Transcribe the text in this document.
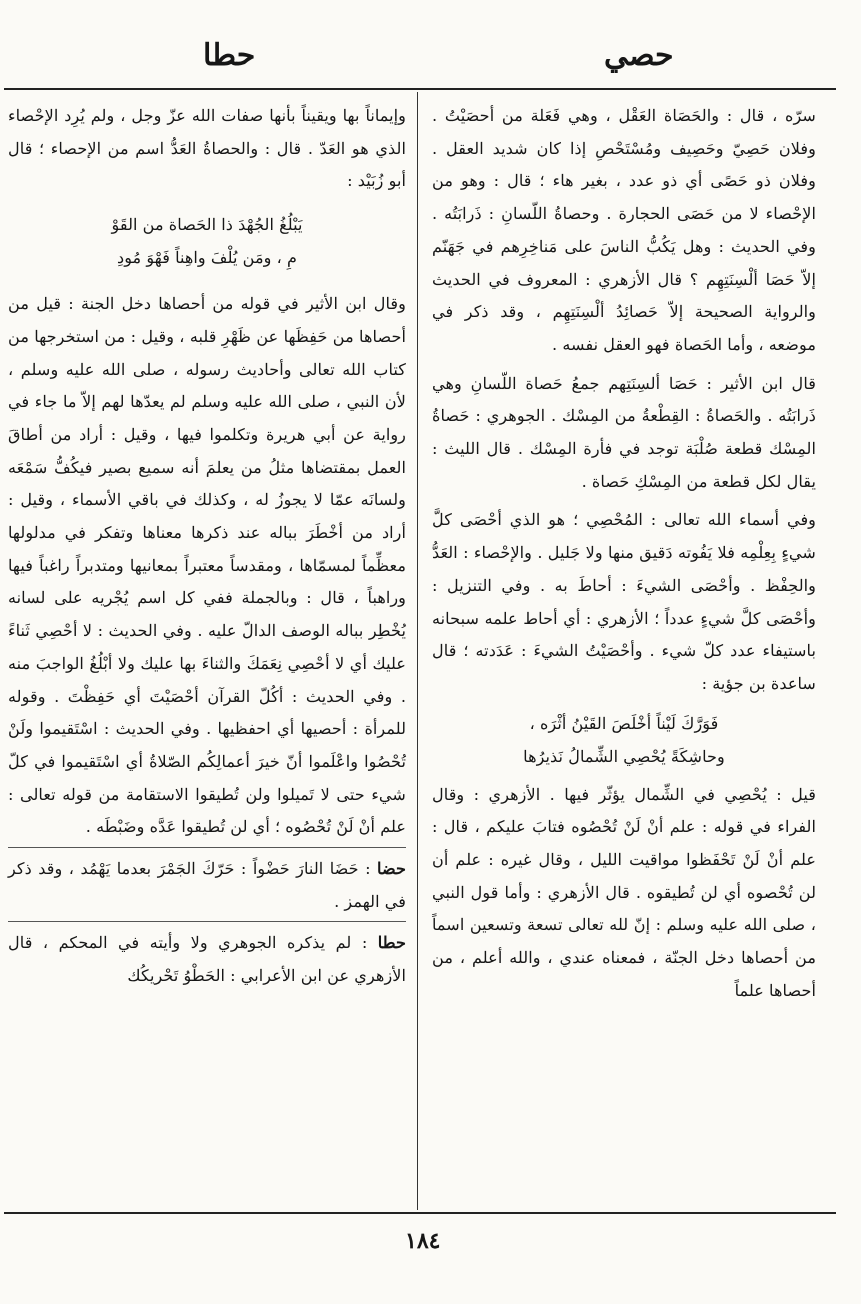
حصي
حطا

سرّه ، قال : والحَصَاة العَقْل ، وهي فَعَلة من أحصَيْتُ . وفلان حَصِيّ وحَصِيف ومُسْتَحْصِ إذا كان شديد العقل . وفلان ذو حَصًى أي ذو عدد ، بغير هاء ؛ قال : وهو من الإحْصاء لا من حَصَى الحجارة . وحصاةُ اللّسانِ : ذَرابَتُه . وفي الحديث : وهل يَكُبُّ الناسَ على مَناخِرِهم في جَهَنّم إلاّ حَصَا ألْسِنَتِهِم ؟ قال الأزهري : المعروف في الحديث والرواية الصحيحة إلاّ حَصائِدُ ألْسِنَتِهِم ، وقد ذكر في موضعه ، وأما الحَصاة فهو العقل نفسه .

قال ابن الأثير : حَصَا ألسِنَتِهم جمعُ حَصاة اللّسانِ وهي ذَرابَتُه . والحَصاةُ : القِطْعةُ من المِسْك . الجوهري : حَصاةُ المِسْك قطعة صُلْبَة توجد في فأرة المِسْك . قال الليث : يقال لكل قطعة من المِسْكِ حَصاة .

وفي أسماء الله تعالى : المُحْصِي ؛ هو الذي أحْصَى كلَّ شيءٍ بِعِلْمِه فلا يَفُوته دَقيق منها ولا جَليل . والإحْصاء : العَدُّ والحِفْظ . وأحْصَى الشيءَ : أحاطَ به . وفي التنزيل : وأحْصَى كلَّ شيءٍ عدداً ؛ الأزهري : أي أحاط علمه سبحانه باستيفاء عدد كلّ شيء . وأحْصَيْتُ الشيءَ : عَدَدته ؛ قال ساعدة بن جؤية :

فَوَرَّكَ لَيْناً أخْلَصَ القَيْنُ أثْرَه ،
وحاشِكَةً يُحْصِي الشِّمالُ نَذيرُها

قيل : يُحْصِي في الشِّمال يؤثّر فيها . الأزهري : وقال الفراء في قوله : علم أنْ لَنْ تُحْصُوه فتابَ عليكم ، قال : علم أنْ لَنْ تَحْفَظوا مواقيت الليل ، وقال غيره : علم أن لن تُحْصوه أي لن تُطيقوه . قال الأزهري : وأما قول النبي ، صلى الله عليه وسلم : إنّ لله تعالى تسعة وتسعين اسماً من أحصاها دخل الجنّة ، فمعناه عندي ، والله أعلم ، من أحصاها علماً

وإيماناً بها ويقيناً بأنها صفات الله عزّ وجل ، ولم يُرِد الإحْصاء الذي هو العَدّ . قال : والحصاةُ العَدُّ اسم من الإحصاء ؛ قال أبو زُبَيْد :

يَبْلُغُ الجُهْدَ ذا الحَصاة من القَوْ
مِ ، ومَن يُلْفَ واهِناً فَهْوَ مُودِ

وقال ابن الأثير في قوله من أحصاها دخل الجنة : قيل من أحصاها من حَفِظَها عن ظَهْرِ قلبه ، وقيل : من استخرجها من كتاب الله تعالى وأحاديث رسوله ، صلى الله عليه وسلم ، لأن النبي ، صلى الله عليه وسلم لم يعدّها لهم إلاّ ما جاء في رواية عن أبي هريرة وتكلموا فيها ، وقيل : أراد من أطاقَ العمل بمقتضاها مثلُ من يعلمَ أنه سميع بصير فيكُفُّ سَمْعَه ولسانَه عمّا لا يجوزُ له ، وكذلك في باقي الأسماء ، وقيل : أراد من أخْطَرَ بباله عند ذكرها معناها وتفكر في مدلولها معظِّماً لمسمّاها ، ومقدساً معتبراً بمعانيها ومتدبراً راغباً فيها وراهباً ، قال : وبالجملة ففي كل اسم يُجْريه على لسانه يُخْطِر بباله الوصف الدالّ عليه . وفي الحديث : لا أحْصِي ثَناءً عليك أي لا أحْصِي نِعَمَكَ والثناءَ بها عليك ولا أبْلُغُ الواجبَ منه . وفي الحديث : أكُلّ القرآن أحْصَيْتَ أي حَفِظْتَ . وقوله للمرأة : أحصيها أي احفظيها . وفي الحديث : اسْتَقيموا ولَنْ تُحْصُوا واعْلَموا أنّ خيرَ أعمالِكُم الصّلاةُ أي اسْتَقيموا في كلّ شيء حتى لا تَميلوا ولن تُطيقوا الاستقامة من قوله تعالى : علم أنْ لَنْ تُحْصُوه ؛ أي لن تُطيقوا عَدَّه وضَبْطَه .

حضا : حَضَا النارَ حَضْواً : حَرّكَ الجَمْرَ بعدما يَهْمُد ، وقد ذكر في الهمز .

حطا : لم يذكره الجوهري ولا وأيته في المحكم ، قال الأزهري عن ابن الأعرابي : الحَطْوُ تَحْريكُك

١٨٤
